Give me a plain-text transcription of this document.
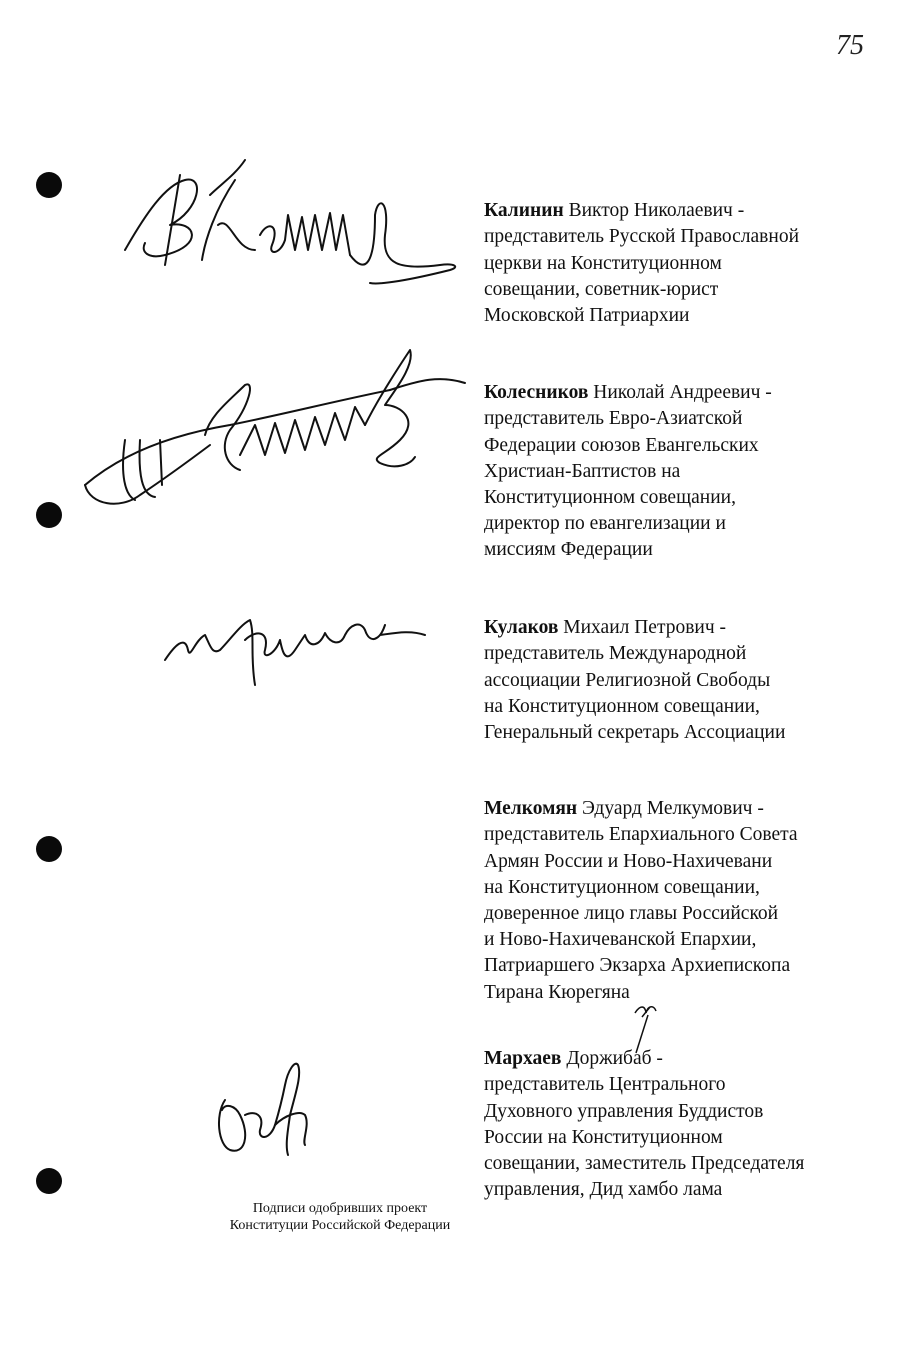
75

Калинин Виктор Николаевич -
представитель Русской Православной
церкви на Конституционном
совещании, советник-юрист
Московской Патриархии

Колесников Николай Андреевич -
представитель Евро-Азиатской
Федерации союзов Евангельских
Христиан-Баптистов на
Конституционном совещании,
директор по евангелизации и
миссиям Федерации

Кулаков Михаил Петрович -
представитель Международной
ассоциации Религиозной Свободы
на Конституционном совещании,
Генеральный секретарь Ассоциации

Мелкомян Эдуард Мелкумович -
представитель Епархиального Совета
Армян России и Ново-Нахичевани
на Конституционном совещании,
доверенное лицо главы Российской
и Ново-Нахичеванской Епархии,
Патриаршего Экзарха Архиепископа
Тирана Кюрегяна

Мархаев Доржибаб -
представитель Центрального
Духовного управления Буддистов
России на Конституционном
совещании, заместитель Председателя
управления, Дид хамбо лама

Подписи одобривших проект
Конституции Российской Федерации
